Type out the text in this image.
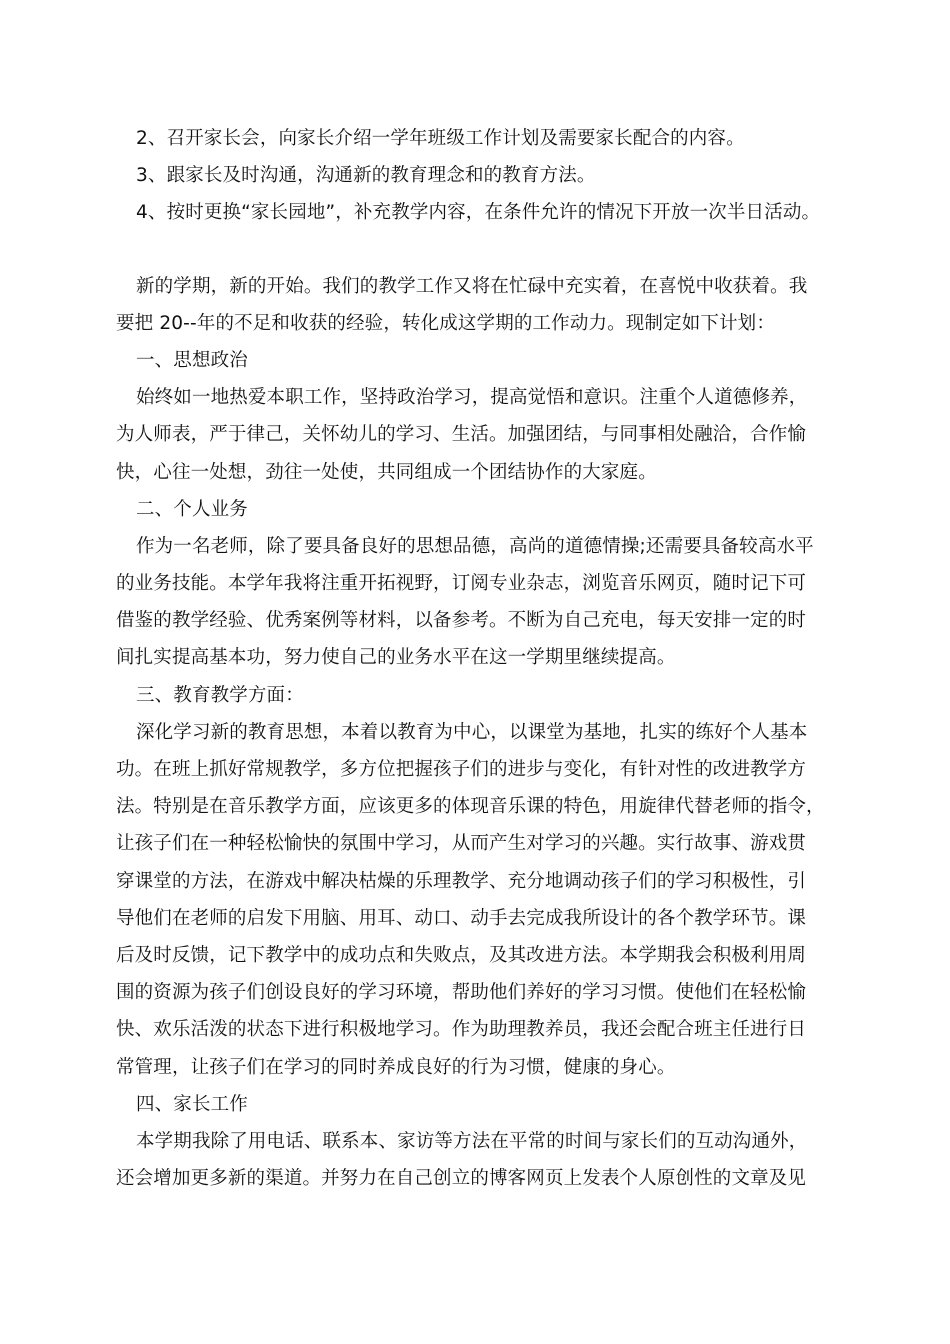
2、召开家长会，向家长介绍一学年班级工作计划及需要家长配合的内容。
3、跟家长及时沟通，沟通新的教育理念和的教育方法。
4、按时更换“家长园地”，补充教学内容，在条件允许的情况下开放一次半日活动。
新的学期，新的开始。我们的教学工作又将在忙碌中充实着，在喜悦中收获着。我
要把 20--年的不足和收获的经验，转化成这学期的工作动力。现制定如下计划：
一、思想政治
始终如一地热爱本职工作，坚持政治学习，提高觉悟和意识。注重个人道德修养，
为人师表，严于律己，关怀幼儿的学习、生活。加强团结，与同事相处融洽，合作愉
快，心往一处想，劲往一处使，共同组成一个团结协作的大家庭。
二、个人业务
作为一名老师，除了要具备良好的思想品德，高尚的道德情操;还需要具备较高水平
的业务技能。本学年我将注重开拓视野，订阅专业杂志，浏览音乐网页，随时记下可
借鉴的教学经验、优秀案例等材料，以备参考。不断为自己充电，每天安排一定的时
间扎实提高基本功，努力使自己的业务水平在这一学期里继续提高。
三、教育教学方面：
深化学习新的教育思想，本着以教育为中心，以课堂为基地，扎实的练好个人基本
功。在班上抓好常规教学，多方位把握孩子们的进步与变化，有针对性的改进教学方
法。特别是在音乐教学方面，应该更多的体现音乐课的特色，用旋律代替老师的指令，
让孩子们在一种轻松愉快的氛围中学习，从而产生对学习的兴趣。实行故事、游戏贯
穿课堂的方法，在游戏中解决枯燥的乐理教学、充分地调动孩子们的学习积极性，引
导他们在老师的启发下用脑、用耳、动口、动手去完成我所设计的各个教学环节。课
后及时反馈，记下教学中的成功点和失败点，及其改进方法。本学期我会积极利用周
围的资源为孩子们创设良好的学习环境，帮助他们养好的学习习惯。使他们在轻松愉
快、欢乐活泼的状态下进行积极地学习。作为助理教养员，我还会配合班主任进行日
常管理，让孩子们在学习的同时养成良好的行为习惯，健康的身心。
四、家长工作
本学期我除了用电话、联系本、家访等方法在平常的时间与家长们的互动沟通外，
还会增加更多新的渠道。并努力在自己创立的博客网页上发表个人原创性的文章及见
